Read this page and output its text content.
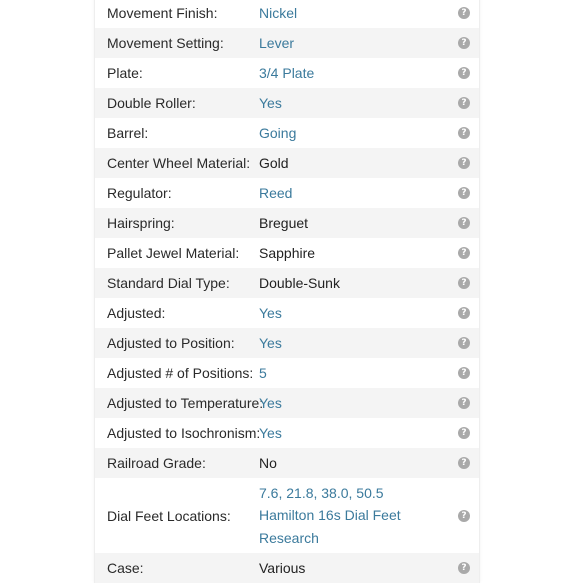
Movement Finish:	Nickel	?
Movement Setting:	Lever	?
Plate:	3/4 Plate	?
Double Roller:	Yes	?
Barrel:	Going	?
Center Wheel Material: Gold	?
Regulator:	Reed	?
Hairspring:	Breguet	?
Pallet Jewel Material:	Sapphire	?
Standard Dial Type:	Double-Sunk	?
Adjusted:	Yes	?
Adjusted to Position:	Yes	?
Adjusted # of Positions: 5	?
Adjusted to Temperature:
Yes	?
Adjusted to Isochronism:
Yes	?
Railroad Grade:	No	?
Dial Feet Locations:
7.6, 21.8, 38.0, 50.5
Hamilton 16s Dial Feet
Research
?
Case:	Various	?
